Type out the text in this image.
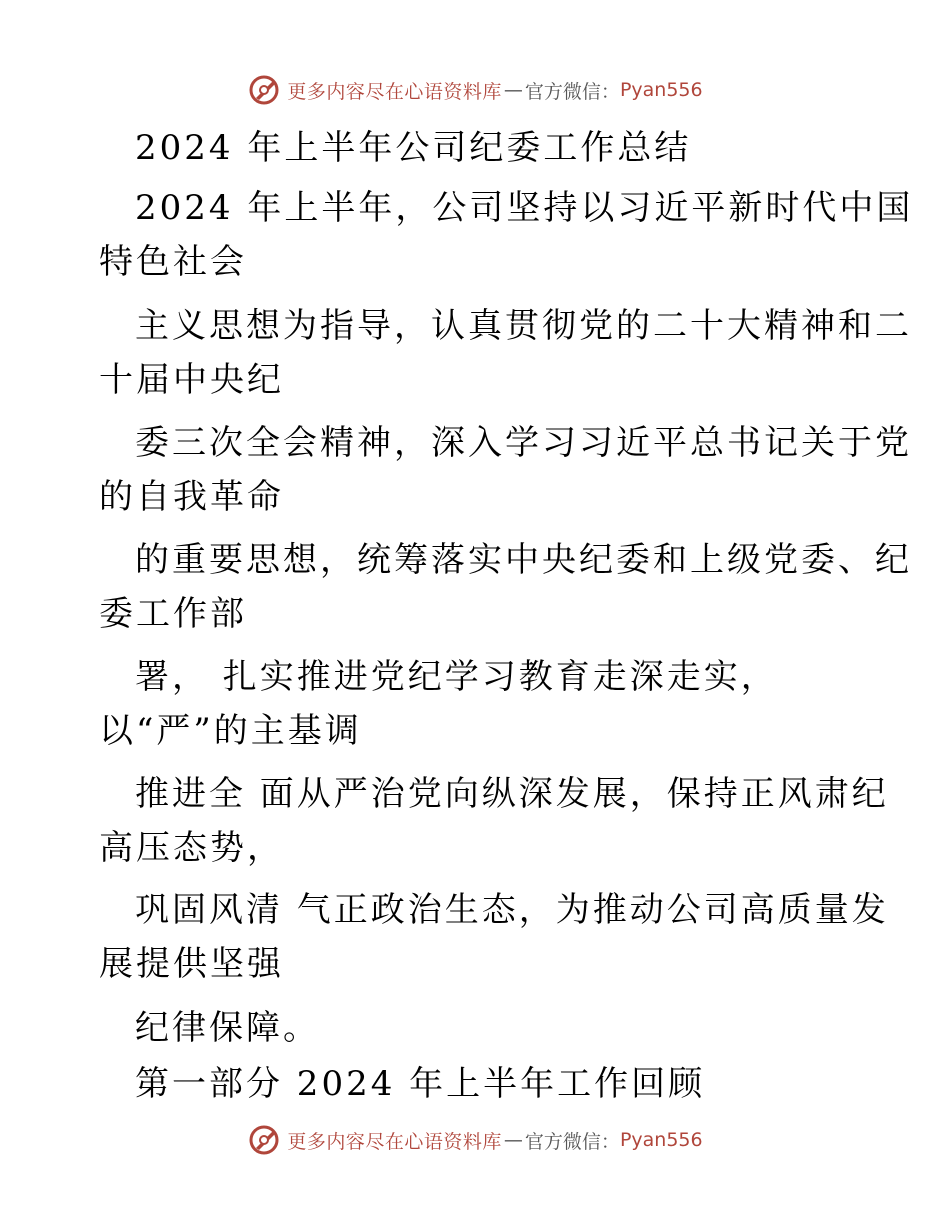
更多内容尽在心语资料库 — 官方微信： Pyan556
2024 年上半年公司纪委工作总结
2024 年上半年，公司坚持以习近平新时代中国
特色社会
主义思想为指导，认真贯彻党的二十大精神和二
十届中央纪
委三次全会精神，深入学习习近平总书记关于党
的自我革命
的重要思想，统筹落实中央纪委和上级党委、纪
委工作部
署， 扎实推进党纪学习教育走深走实，
以“严”的主基调
推进全 面从严治党向纵深发展，保持正风肃纪
高压态势，
巩固风清 气正政治生态，为推动公司高质量发
展提供坚强
纪律保障。
第一部分 2024 年上半年工作回顾
更多内容尽在心语资料库 — 官方微信： Pyan556
